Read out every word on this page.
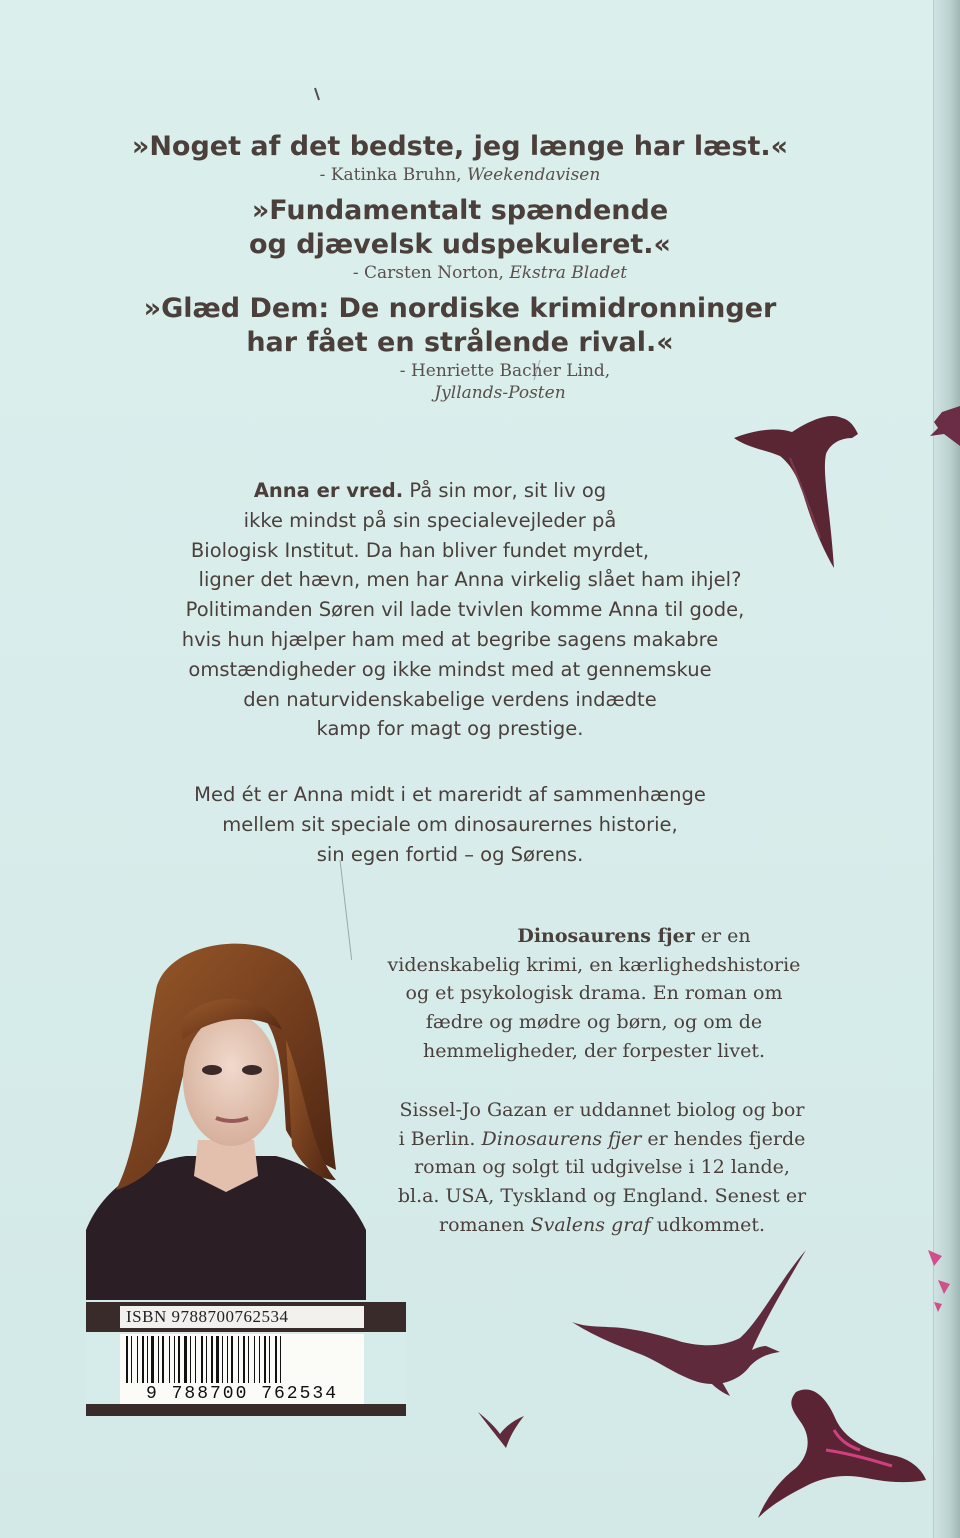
»Noget af det bedste, jeg længe har læst.«

- Katinka Bruhn, Weekendavisen

»Fundamentalt spændende

og djævelsk udspekuleret.«

- Carsten Norton, Ekstra Bladet

»Glæd Dem: De nordiske krimidronninger

har fået en strålende rival.«

- Henriette Bacher Lind,

Jyllands-Posten

Anna er vred. På sin mor, sit liv og

ikke mindst på sin specialevejleder på

Biologisk Institut. Da han bliver fundet myrdet,

ligner det hævn, men har Anna virkelig slået ham ihjel?

Politimanden Søren vil lade tvivlen komme Anna til gode,

hvis hun hjælper ham med at begribe sagens makabre

omstændigheder og ikke mindst med at gennemskue

den naturvidenskabelige verdens indædte

kamp for magt og prestige.

Med ét er Anna midt i et mareridt af sammenhænge

mellem sit speciale om dinosaurernes historie,

sin egen fortid – og Sørens.

Dinosaurens fjer er en

videnskabelig krimi, en kærlighedshistorie

og et psykologisk drama. En roman om

fædre og mødre og børn, og om de

hemmeligheder, der forpester livet.

Sissel-Jo Gazan er uddannet biolog og bor

i Berlin. Dinosaurens fjer er hendes fjerde

roman og solgt til udgivelse i 12 lande,

bl.a. USA, Tyskland og England. Senest er

romanen Svalens graf udkommet.

ISBN 9788700762534
9 788700 762534
